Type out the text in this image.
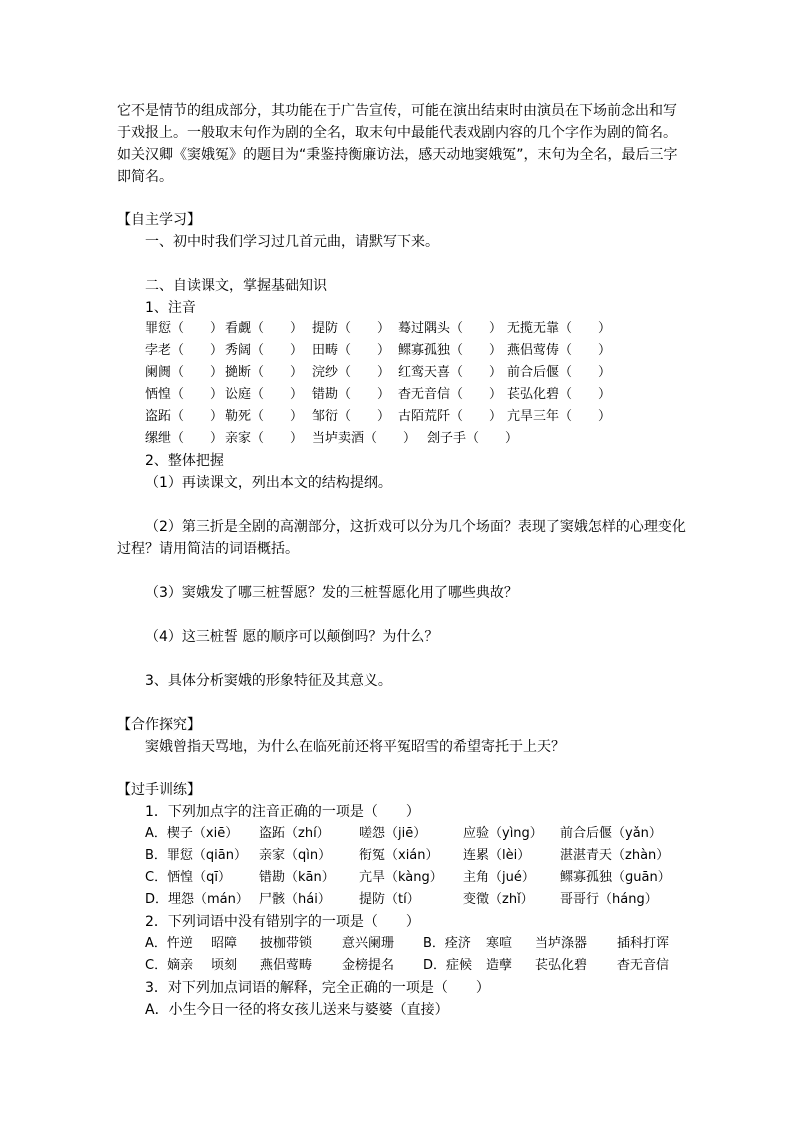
它不是情节的组成部分，其功能在于广告宣传，可能在演出结束时由演员在下场前念出和写
于戏报上。一般取末句作为剧的全名，取末句中最能代表戏剧内容的几个字作为剧的简名。
如关汉卿《窦娥冤》的题目为“秉鉴持衡廉访法，感天动地窦娥冤”，末句为全名，最后三字
即简名。
【自主学习】
一、初中时我们学习过几首元曲，请默写下来。
二、自读课文，掌握基础知识
1、注音
罪愆（　　） 看觑（　　） 提防（　　） 蓦过隅头（　　） 无揽无靠（　　）
孛老（　　） 秀阔（　　） 田畴（　　） 鳏寡孤独（　　） 燕侣莺俦（　　）
阑阓（　　） 撧断（　　） 浣纱（　　） 红鸾天喜（　　） 前合后偃（　　）
恓惶（　　） 讼庭（　　） 错勘（　　） 杳无音信（　　） 苌弘化碧（　　）
盗跖（　　） 勒死（　　） 邹衍（　　） 古陌荒阡（　　） 亢旱三年（　　）
缧绁（　　） 亲家（　　） 当垆卖酒（　　） 刽子手（　　）
2、整体把握
（1）再读课文，列出本文的结构提纲。
（2）第三折是全剧的高潮部分，这折戏可以分为几个场面？表现了窦娥怎样的心理变化
过程？请用简洁的词语概括。
（3）窦娥发了哪三桩誓愿？发的三桩誓愿化用了哪些典故？
（4）这三桩誓 愿的顺序可以颠倒吗？为什么？
3、具体分析窦娥的形象特征及其意义。
【合作探究】
窦娥曾指天骂地，为什么在临死前还将平冤昭雪的希望寄托于上天？
【过手训练】
1．下列加点字的注音正确的一项是（　　）
A．楔子（xiē） 盗跖（zhí） 嗟怨（jiē）	应验（yìng） 前合后偃（yǎn）
B．罪愆（qiān） 亲家（qìn） 衔冤（xián） 连累（lèi） 湛湛青天（zhàn）
C．恓惶（qī） 错勘（kān） 亢旱（kàng） 主角（jué） 鳏寡孤独（ɡuān）
D．埋怨（mán） 尸骸（hái） 提防（tí）	变徵（zhǐ） 哥哥行（háng）
2．下列词语中没有错别字的一项是（　　）
A．忤逆 昭障 披枷带锁 意兴阑珊 B．痊济 寒喧 当垆涤器 插科打诨
C．嫡亲 顷刻 燕侣莺畴 金榜提名 D．症候 造孽 苌弘化碧 杳无音信
3．对下列加点词语的解释，完全正确的一项是（　　）
A．小生今日一径的将女孩儿送来与婆婆（直接）
